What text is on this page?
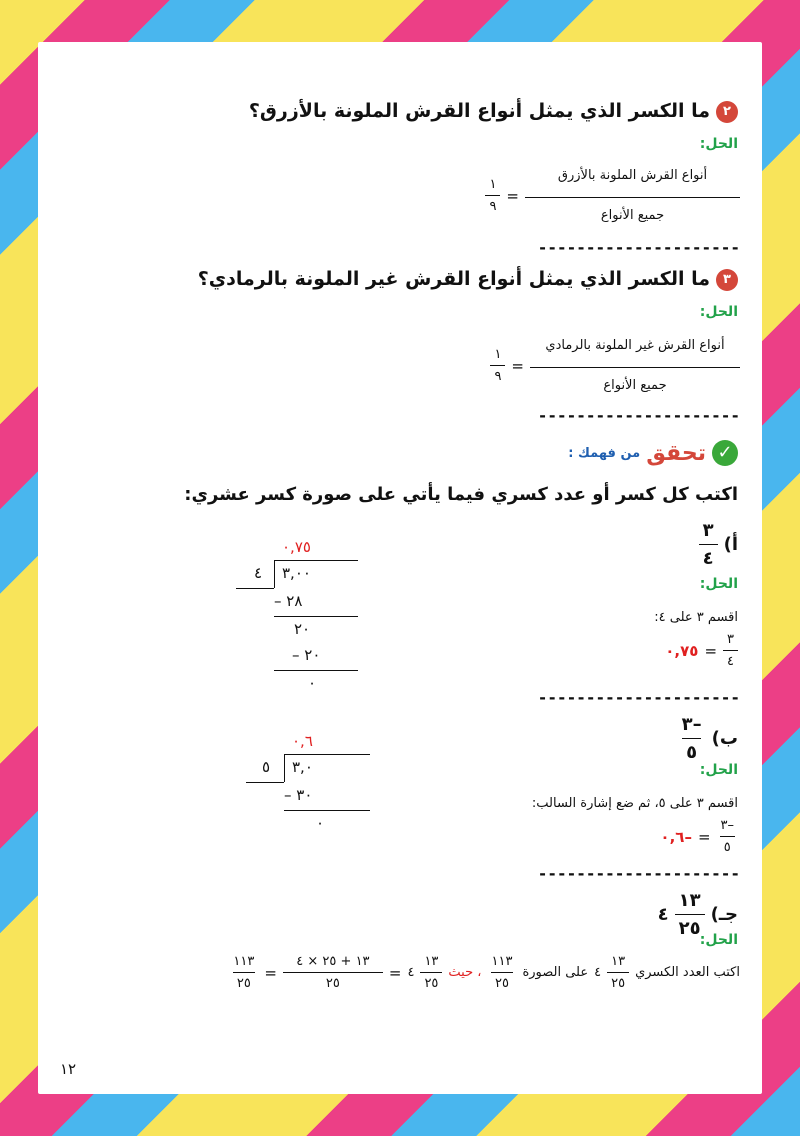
٢ما الكسر الذي يمثل أنواع القرش الملونة بالأزرق؟
الحل:
$\frac{\text{أنواع القرش الملونة بالأزرق}}{\text{جميع الأنواع}}$
=
$\frac{١}{٩}$
---------------------
٣ما الكسر الذي يمثل أنواع القرش غير الملونة بالرمادي؟
الحل:
$\frac{\text{أنواع القرش غير الملونة بالرمادي}}{\text{جميع الأنواع}}$
=
$\frac{١}{٩}$
---------------------
✓
تحقق
من فهمك :
اكتب كل كسر أو عدد كسري فيما يأتي على صورة كسر عشري:
أ)
$\frac{٣}{٤}$
الحل:
اقسم ٣ على ٤:
$\frac{٣}{٤}$
=
٠,٧٥
٠,٧٥
٤ ٣,٠٠
٢٨ –
٢٠
٢٠ –
٠
---------------------
ب)
$\frac{-٣}{٥}$
الحل:
اقسم ٣ على ٥، ثم ضع إشارة السالب:
$\frac{-٣}{٥}$
=
–٠,٦
٠,٦
٥ ٣,٠
٣٠ –
٠
---------------------
جـ)
$\frac{١٣}{٢٥}$
٤
الحل:
اكتب العدد الكسري
$\frac{١٣}{٢٥}$
٤
على الصورة
$\frac{١١٣}{٢٥}$
، حيث
$\frac{١٣}{٢٥}$
٤
=
$\frac{١٣ + ٢٥ \times ٤}{٢٥}$
=
$\frac{١١٣}{٢٥}$
١٢
